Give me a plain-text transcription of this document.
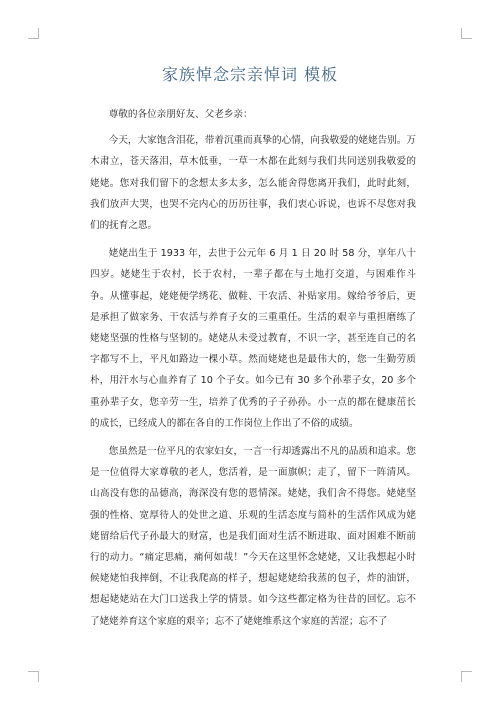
家族悼念宗亲悼词 模板

尊敬的各位亲朋好友、父老乡亲：

今天，大家饱含泪花，带着沉重而真挚的心情，向我敬爱的姥姥告别。万木肃立，苍天落泪，草木低垂，一草一木都在此刻与我们共同送别我敬爱的姥姥。您对我们留下的念想太多太多，怎么能舍得您离开我们，此时此刻，我们放声大哭，也哭不完内心的历历往事，我们衷心诉说，也诉不尽您对我们的抚育之恩。

姥姥出生于 1933 年，去世于公元年 6 月 1 日 20 时 58 分，享年八十四岁。姥姥生于农村，长于农村，一辈子都在与土地打交道，与困难作斗争。从懂事起，姥姥便学绣花、做鞋、干农活、补贴家用。嫁给爷爷后，更是承担了做家务、干农活与养育子女的三重重任。生活的艰辛与重担磨练了姥姥坚强的性格与坚韧的。姥姥从未受过教育，不识一字，甚至连自己的名字都写不上，平凡如路边一棵小草。然而姥姥也是最伟大的，您一生勤劳质朴，用汗水与心血养育了 10 个子女。如今已有 30 多个孙辈子女，20 多个重孙辈子女，您辛劳一生，培养了优秀的子子孙孙。小一点的都在健康茁长的成长，已经成人的都在各自的工作岗位上作出了不俗的成绩。

您虽然是一位平凡的农家妇女，一言一行却透露出不凡的品质和追求。您是一位值得大家尊敬的老人，您活着，是一面旗帜；走了，留下一阵清风。山高没有您的品德高，海深没有您的恩情深。姥姥，我们舍不得您。姥姥坚强的性格、宽厚待人的处世之道、乐观的生活态度与简朴的生活作风成为姥姥留给后代子孙最大的财富，也是我们面对生活不断进取、面对困难不断前行的动力。“痛定思痛，痛何如哉！”今天在这里怀念姥姥，又让我想起小时候姥姥怕我摔倒，不让我爬高的样子，想起姥姥给我蒸的包子，炸的油饼，想起姥姥站在大门口送我上学的情景。如今这些都定格为往昔的回忆。忘不了姥姥养育这个家庭的艰辛；忘不了姥姥维系这个家庭的苦涩；忘不了
